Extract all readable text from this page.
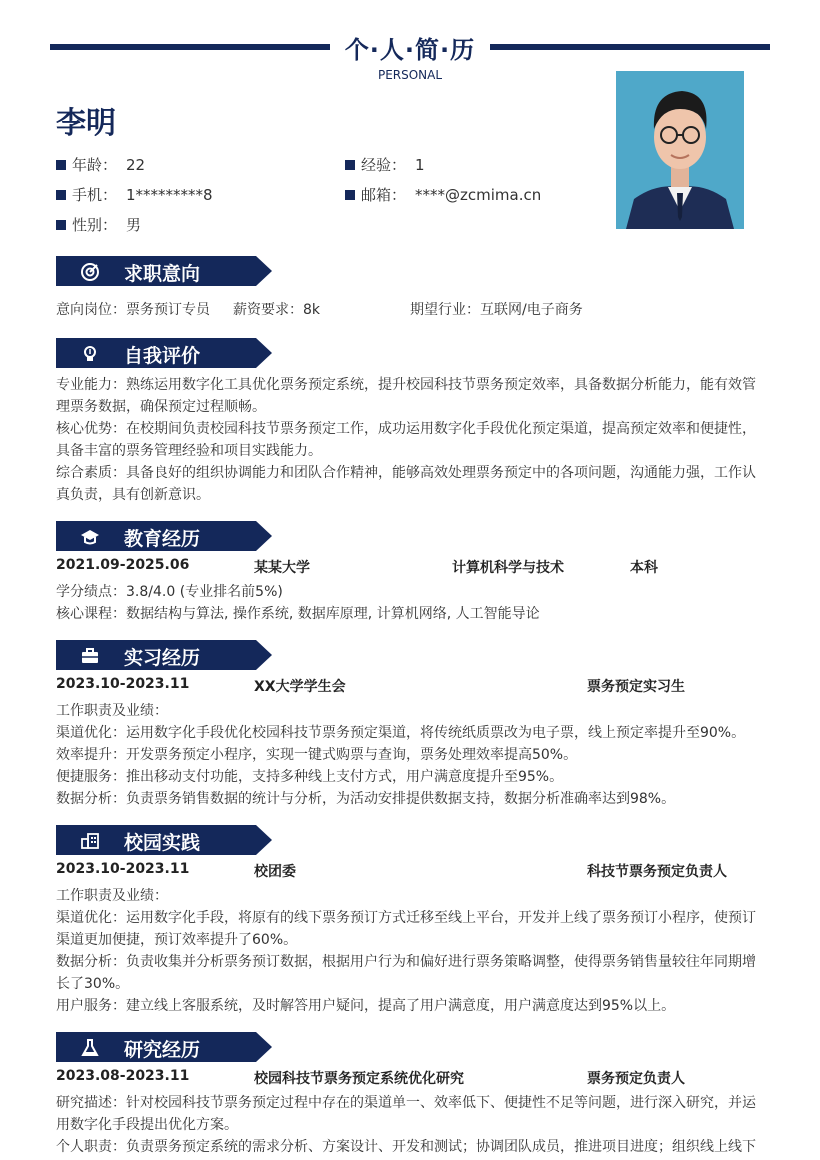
个·人·简·历
PERSONAL
李明
年龄： 22	经验： 1
手机： 1*********8	邮箱： ****@zcmima.cn
性别： 男
求职意向
意向岗位：票务预订专员 薪资要求：8k	期望行业：互联网/电子商务
自我评价
专业能力：熟练运用数字化工具优化票务预定系统，提升校园科技节票务预定效率，具备数据分析能力，能有效管理票务数据，确保预定过程顺畅。
核心优势：在校期间负责校园科技节票务预定工作，成功运用数字化手段优化预定渠道，提高预定效率和便捷性，具备丰富的票务管理经验和项目实践能力。
综合素质：具备良好的组织协调能力和团队合作精神，能够高效处理票务预定中的各项问题，沟通能力强，工作认真负责，具有创新意识。
教育经历
2021.09-2025.06	某某大学	计算机科学与技术	本科
学分绩点：3.8/4.0 (专业排名前5%)
核心课程：数据结构与算法, 操作系统, 数据库原理, 计算机网络, 人工智能导论
实习经历
2023.10-2023.11	XX大学学生会	票务预定实习生
工作职责及业绩：
渠道优化：运用数字化手段优化校园科技节票务预定渠道，将传统纸质票改为电子票，线上预定率提升至90%。
效率提升：开发票务预定小程序，实现一键式购票与查询，票务处理效率提高50%。
便捷服务：推出移动支付功能，支持多种线上支付方式，用户满意度提升至95%。
数据分析：负责票务销售数据的统计与分析，为活动安排提供数据支持，数据分析准确率达到98%。
校园实践
2023.10-2023.11	校团委	科技节票务预定负责人
工作职责及业绩：
渠道优化：运用数字化手段，将原有的线下票务预订方式迁移至线上平台，开发并上线了票务预订小程序，使预订渠道更加便捷，预订效率提升了60%。
数据分析：负责收集并分析票务预订数据，根据用户行为和偏好进行票务策略调整，使得票务销售量较往年同期增长了30%。
用户服务：建立线上客服系统，及时解答用户疑问，提高了用户满意度，用户满意度达到95%以上。
研究经历
2023.08-2023.11	校园科技节票务预定系统优化研究	票务预定负责人
研究描述：针对校园科技节票务预定过程中存在的渠道单一、效率低下、便捷性不足等问题，进行深入研究，并运用数字化手段提出优化方案。
个人职责：负责票务预定系统的需求分析、方案设计、开发和测试；协调团队成员，推进项目进度；组织线上线下
